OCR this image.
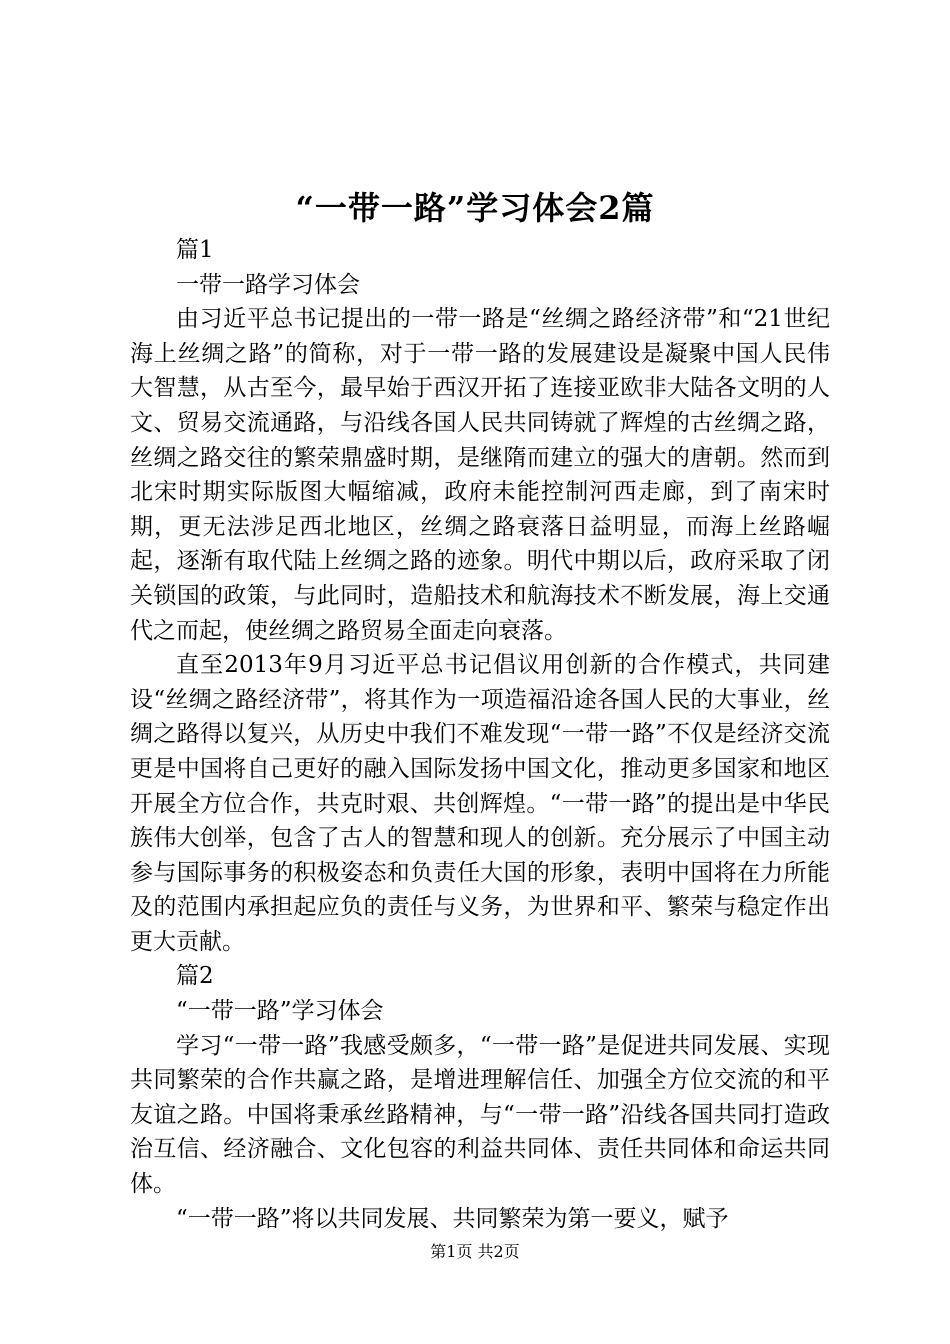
“一带一路”学习体会2篇
篇1
一带一路学习体会

由习近平总书记提出的一带一路是“丝绸之路经济带”和“21世纪海上丝绸之路”的简称，对于一带一路的发展建设是凝聚中国人民伟大智慧，从古至今，最早始于西汉开拓了连接亚欧非大陆各文明的人文、贸易交流通路，与沿线各国人民共同铸就了辉煌的古丝绸之路，丝绸之路交往的繁荣鼎盛时期，是继隋而建立的强大的唐朝。然而到北宋时期实际版图大幅缩减，政府未能控制河西走廊，到了南宋时期，更无法涉足西北地区，丝绸之路衰落日益明显，而海上丝路崛起，逐渐有取代陆上丝绸之路的迹象。明代中期以后，政府采取了闭关锁国的政策，与此同时，造船技术和航海技术不断发展，海上交通代之而起，使丝绸之路贸易全面走向衰落。

直至2013年9月习近平总书记倡议用创新的合作模式，共同建设“丝绸之路经济带”，将其作为一项造福沿途各国人民的大事业，丝绸之路得以复兴，从历史中我们不难发现“一带一路”不仅是经济交流更是中国将自己更好的融入国际发扬中国文化，推动更多国家和地区开展全方位合作，共克时艰、共创辉煌。“一带一路”的提出是中华民族伟大创举，包含了古人的智慧和现人的创新。充分展示了中国主动参与国际事务的积极姿态和负责任大国的形象，表明中国将在力所能及的范围内承担起应负的责任与义务，为世界和平、繁荣与稳定作出更大贡献。

篇2
“一带一路”学习体会

学习“一带一路”我感受颇多，“一带一路”是促进共同发展、实现共同繁荣的合作共赢之路，是增进理解信任、加强全方位交流的和平友谊之路。中国将秉承丝路精神，与“一带一路”沿线各国共同打造政治互信、经济融合、文化包容的利益共同体、责任共同体和命运共同体。

“一带一路”将以共同发展、共同繁荣为第一要义，赋予

第1页 共2页
